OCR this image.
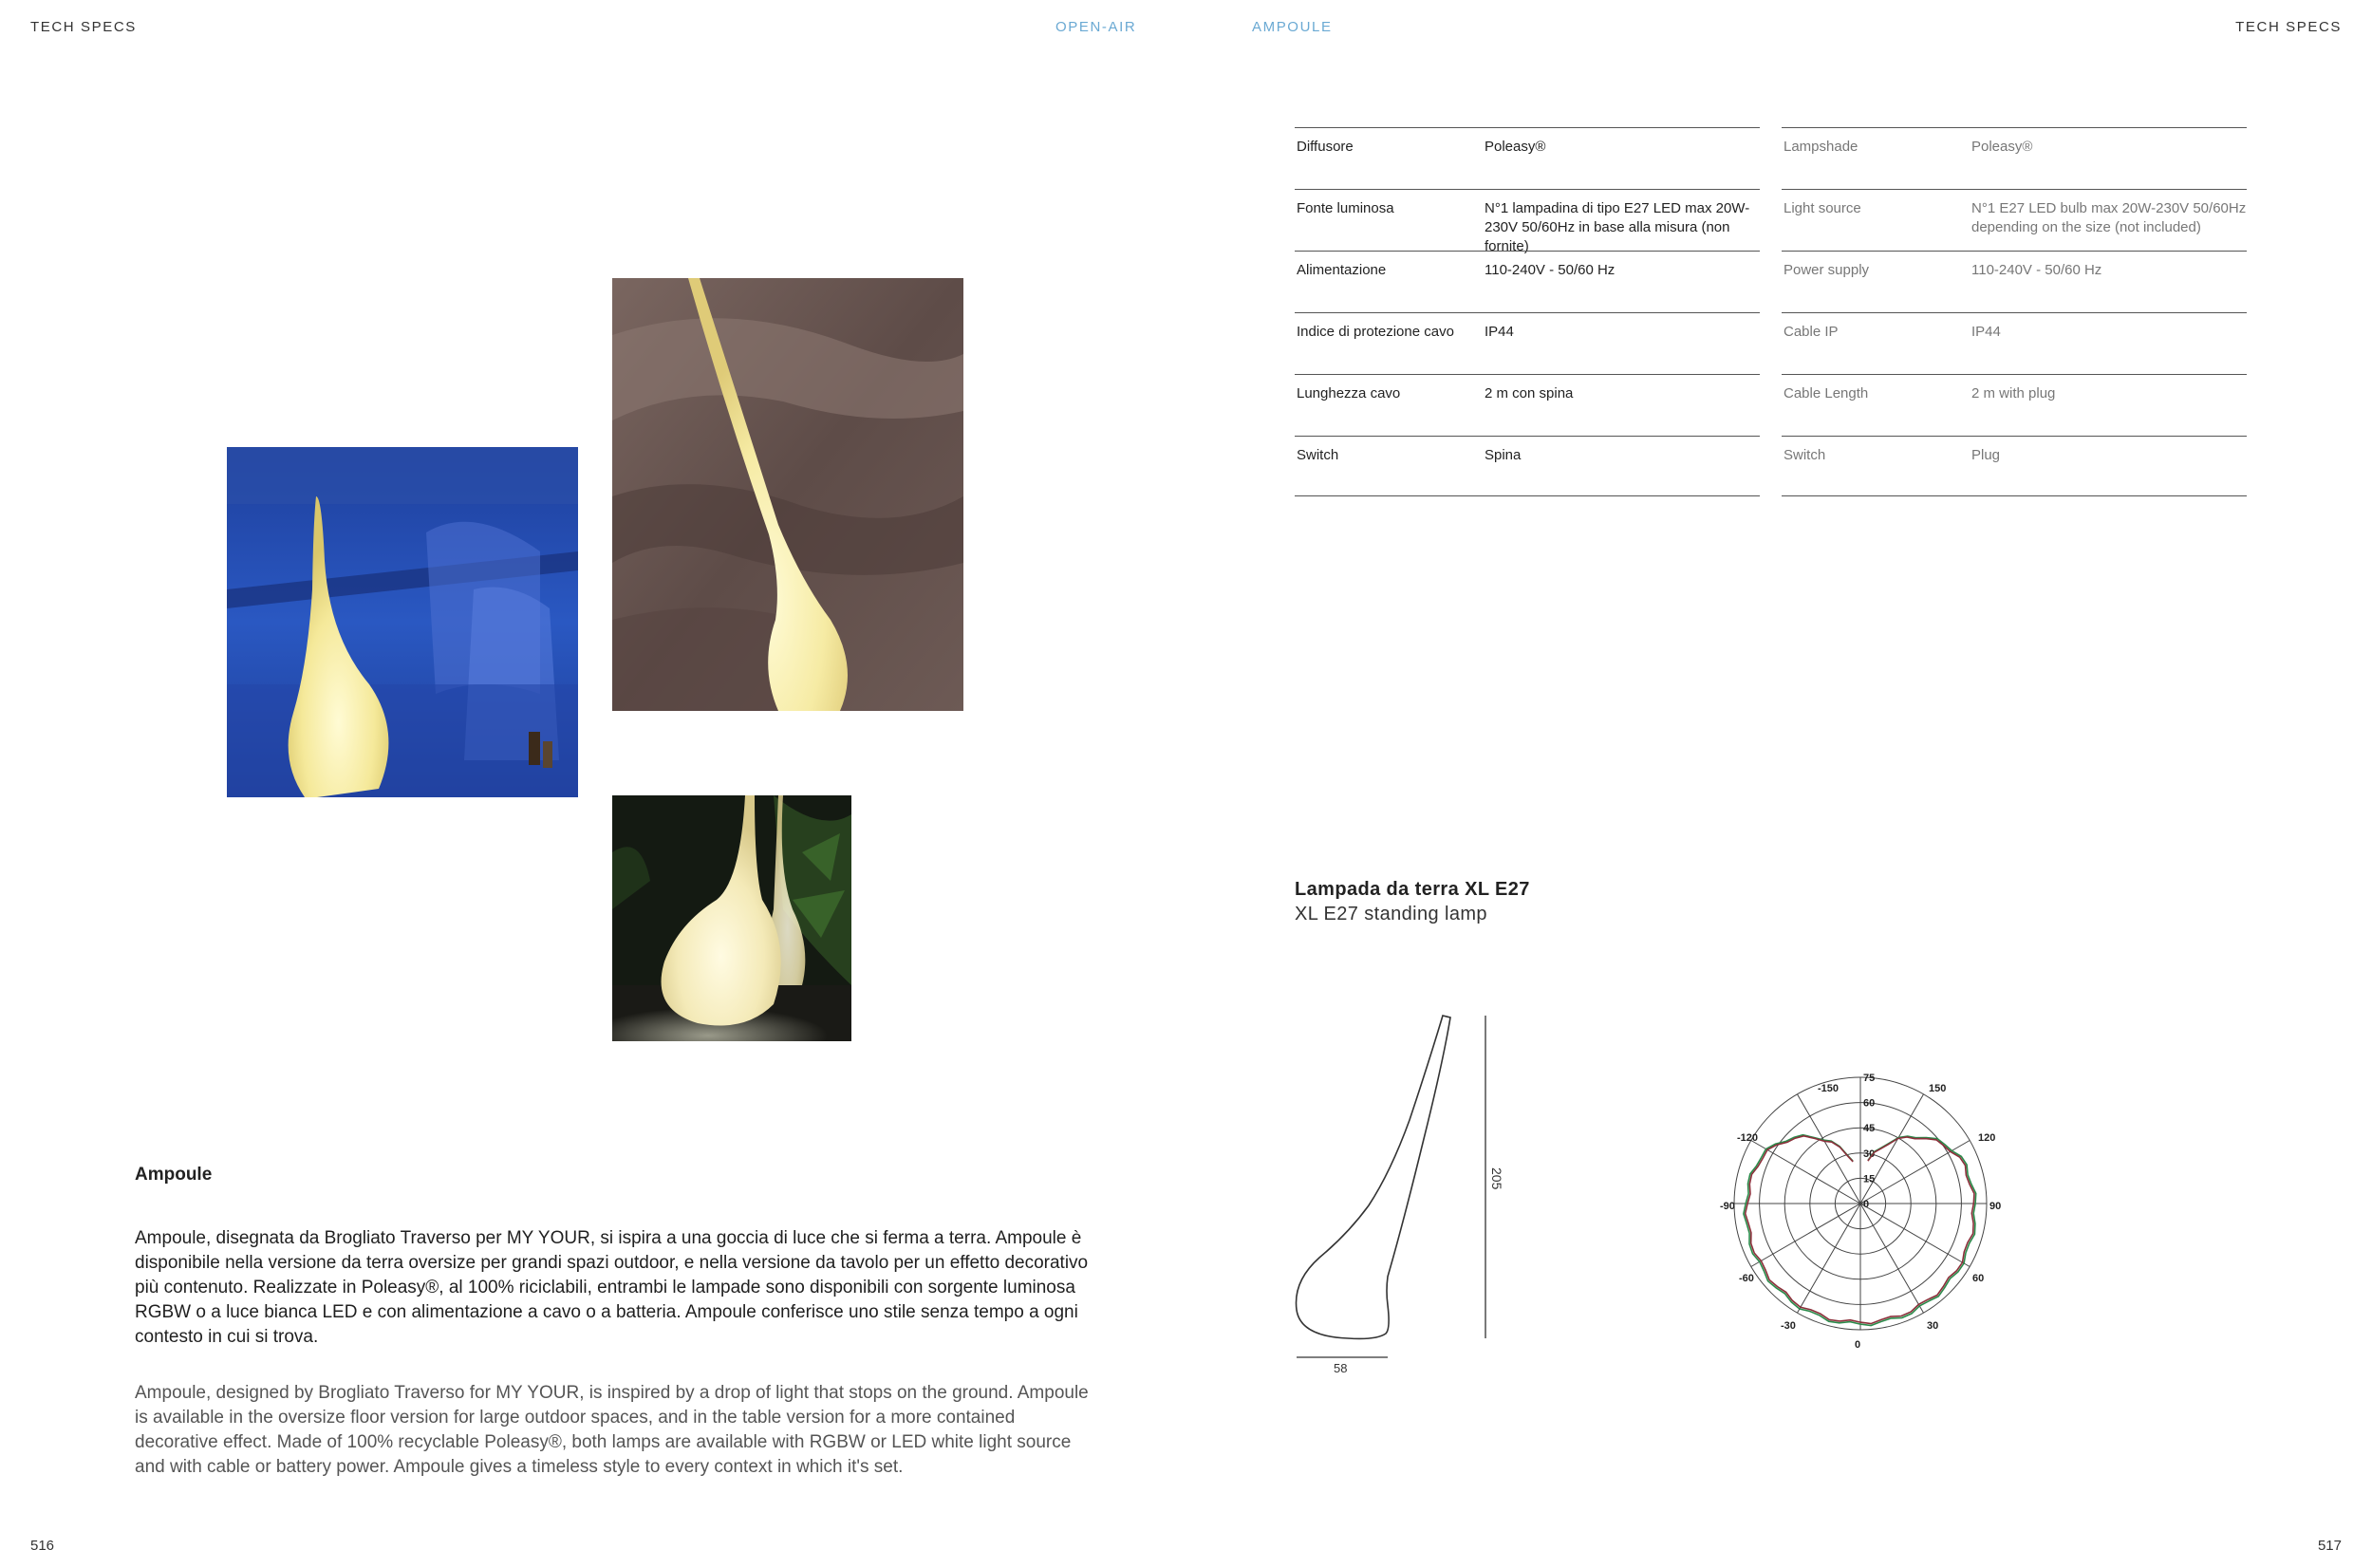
TECH SPECS	OPEN-AIR	AMPOULE	TECH SPECS
Ampoule
Ampoule, disegnata da Brogliato Traverso per MY YOUR, si ispira a una goccia di luce che si ferma a terra. Ampoule è disponibile nella versione da terra oversize per grandi spazi outdoor, e nella versione da tavolo per un effetto decorativo più contenuto. Realizzate in Poleasy®, al 100% riciclabili, entrambi le lampade sono disponibili con sorgente luminosa RGBW o a luce bianca LED e con alimentazione a cavo o a batteria. Ampoule conferisce uno stile senza tempo a ogni contesto in cui si trova.
Ampoule, designed by Brogliato Traverso for MY YOUR, is inspired by a drop of light that stops on the ground. Ampoule is available in the oversize floor version for large outdoor spaces, and in the table version for a more contained decorative effect. Made of 100% recyclable Poleasy®, both lamps are available with RGBW or LED white light source and with cable or battery power. Ampoule gives a timeless style to every context in which it's set.
Diffusore	Poleasy®
Fonte luminosa	N°1 lampadina di tipo E27 LED max 20W-230V 50/60Hz in base alla misura (non fornite)
Alimentazione	110-240V - 50/60 Hz
Indice di protezione cavo	IP44
Lunghezza cavo	2 m con spina
Switch	Spina
Lampshade	Poleasy®
Light source	N°1 E27 LED bulb max 20W-230V 50/60Hz depending on the size (not included)
Power supply	110-240V - 50/60 Hz
Cable IP	IP44
Cable Length	2 m with plug
Switch	Plug
Lampada da terra XL E27
XL E27 standing lamp
205
58
0
15
30
45
60
75
-150	150
-120	120
-90	90
-60	60
-30	30
0
516	517
